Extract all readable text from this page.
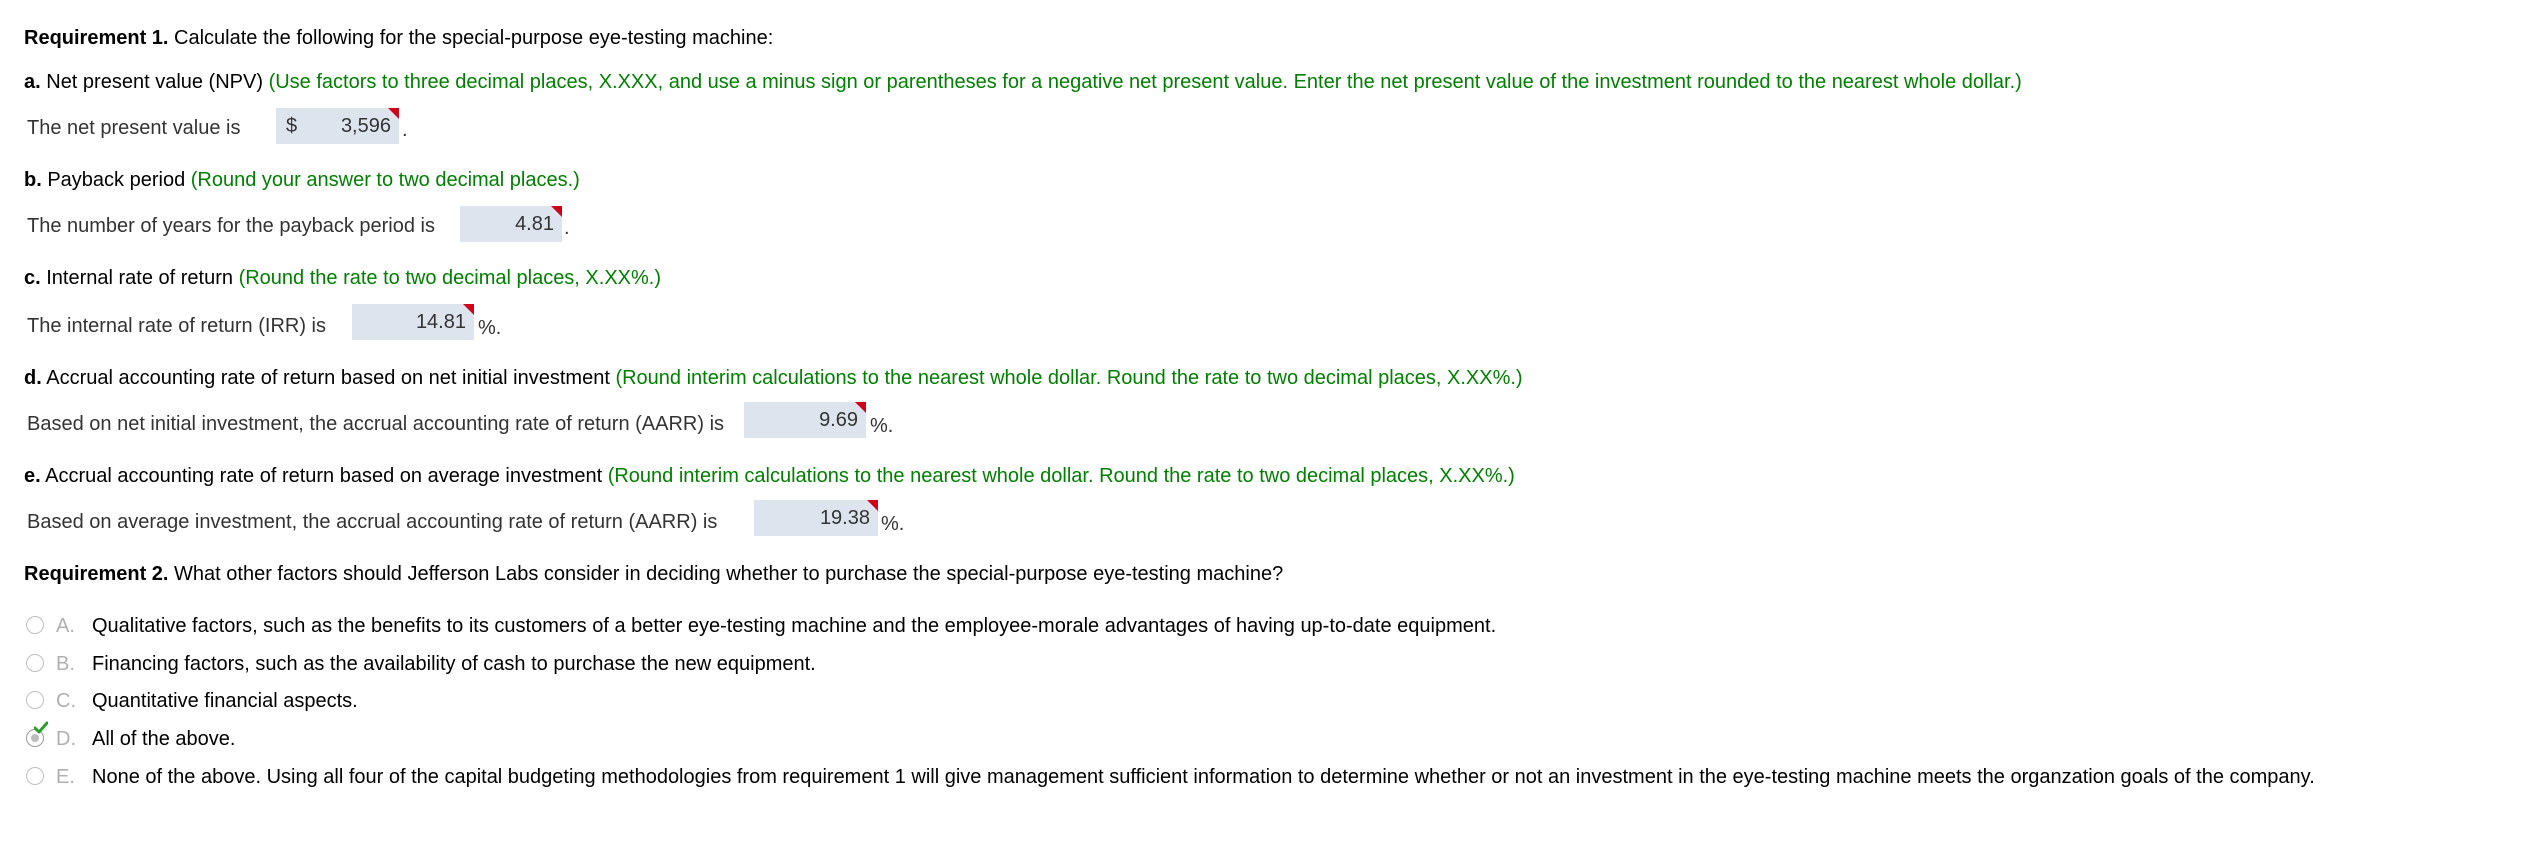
Requirement 1. Calculate the following for the special-purpose eye-testing machine:
a. Net present value (NPV) (Use factors to three decimal places, X.XXX, and use a minus sign or parentheses for a negative net present value. Enter the net present value of the investment rounded to the nearest whole dollar.)
The net present value is $ 3,596 .
b. Payback period (Round your answer to two decimal places.)
The number of years for the payback period is	4.81 .
c. Internal rate of return (Round the rate to two decimal places, X.XX%.)
The internal rate of return (IRR) is	14.81 %.
d. Accrual accounting rate of return based on net initial investment (Round interim calculations to the nearest whole dollar. Round the rate to two decimal places, X.XX%.)
Based on net initial investment, the accrual accounting rate of return (AARR) is	9.69 %.
e. Accrual accounting rate of return based on average investment (Round interim calculations to the nearest whole dollar. Round the rate to two decimal places, X.XX%.)
Based on average investment, the accrual accounting rate of return (AARR) is	19.38 %.
Requirement 2. What other factors should Jefferson Labs consider in deciding whether to purchase the special-purpose eye-testing machine?
A. Qualitative factors, such as the benefits to its customers of a better eye-testing machine and the employee-morale advantages of having up-to-date equipment.
B. Financing factors, such as the availability of cash to purchase the new equipment.
C. Quantitative financial aspects.
D. All of the above.
E. None of the above. Using all four of the capital budgeting methodologies from requirement 1 will give management sufficient information to determine whether or not an investment in the eye-testing machine meets the organzation goals of the company.
